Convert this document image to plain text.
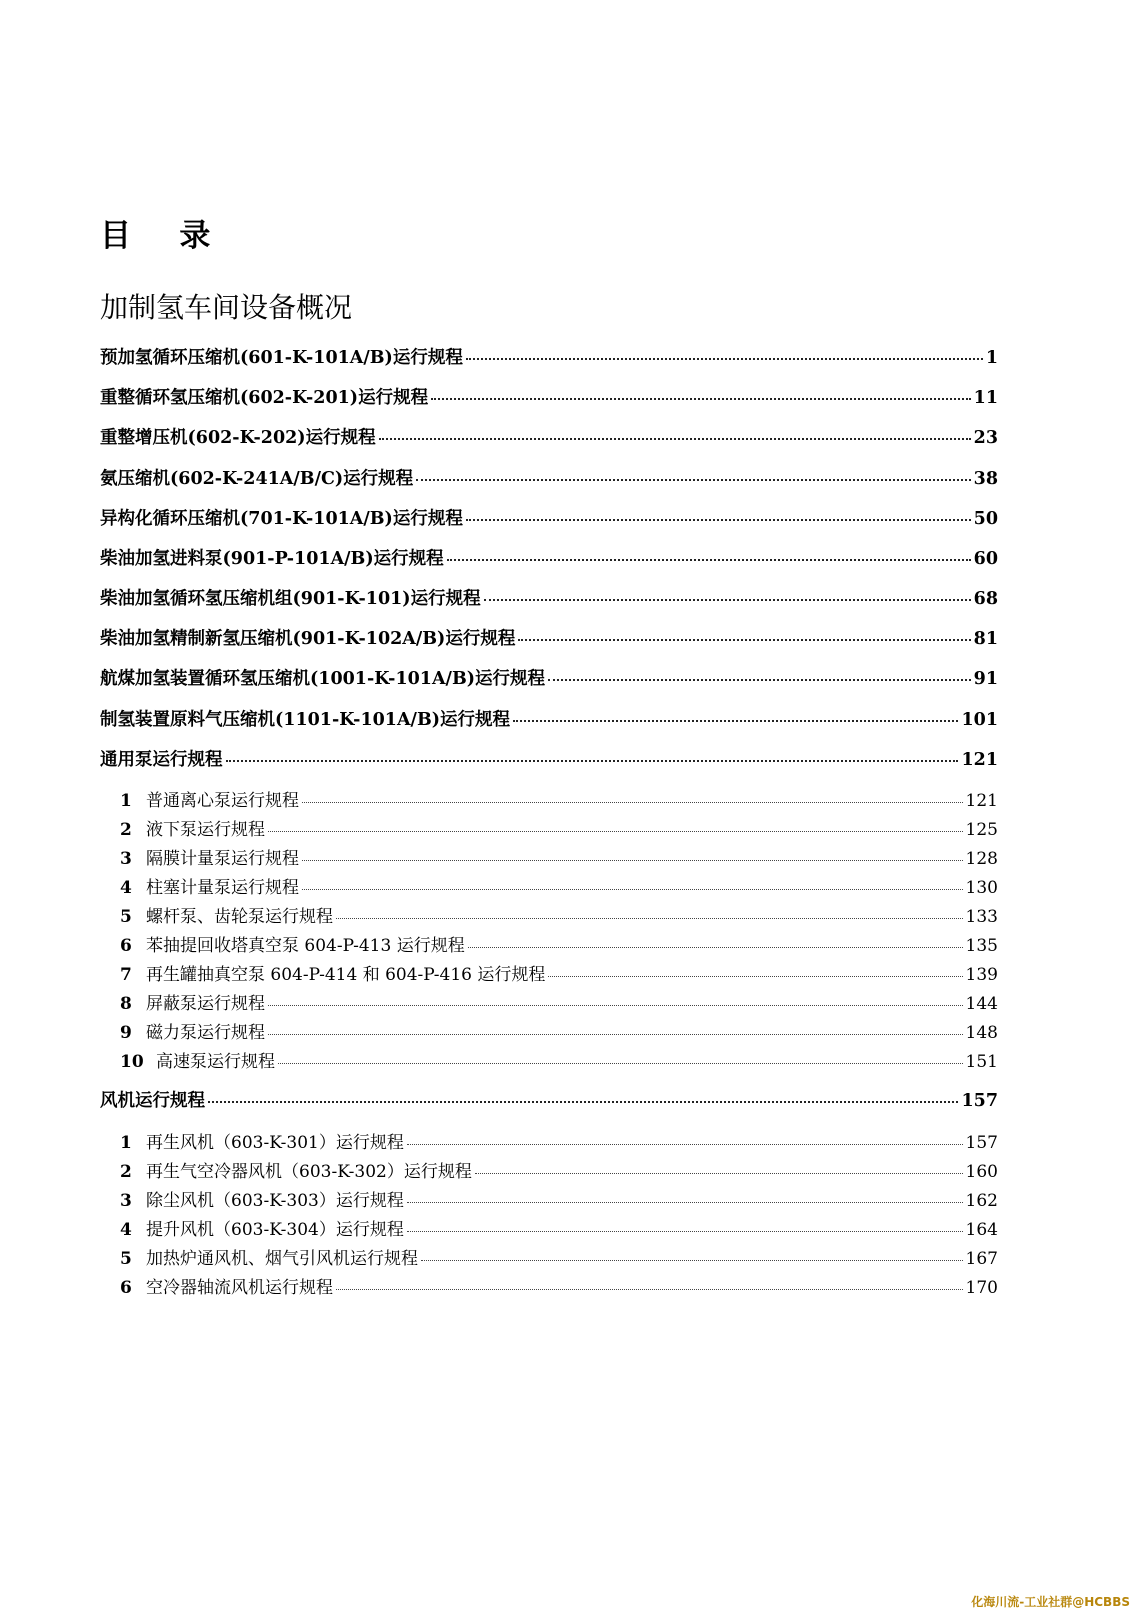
目   录
加制氢车间设备概况
预加氢循环压缩机(601-K-101A/B)运行规程	1
重整循环氢压缩机(602-K-201)运行规程	11
重整增压机(602-K-202)运行规程	23
氨压缩机(602-K-241A/B/C)运行规程	38
异构化循环压缩机(701-K-101A/B)运行规程	50
柴油加氢进料泵(901-P-101A/B)运行规程	60
柴油加氢循环氢压缩机组(901-K-101)运行规程	68
柴油加氢精制新氢压缩机(901-K-102A/B)运行规程	81
航煤加氢装置循环氢压缩机(1001-K-101A/B)运行规程	91
制氢装置原料气压缩机(1101-K-101A/B)运行规程	101
通用泵运行规程	121
1 普通离心泵运行规程	121
2 液下泵运行规程	125
3 隔膜计量泵运行规程	128
4 柱塞计量泵运行规程	130
5 螺杆泵、齿轮泵运行规程	133
6 苯抽提回收塔真空泵 604-P-413 运行规程	135
7 再生罐抽真空泵 604-P-414 和 604-P-416 运行规程	139
8 屏蔽泵运行规程	144
9 磁力泵运行规程	148
10 高速泵运行规程	151
风机运行规程	157
1 再生风机（603-K-301）运行规程	157
2 再生气空冷器风机（603-K-302）运行规程	160
3 除尘风机（603-K-303）运行规程	162
4 提升风机（603-K-304）运行规程	164
5 加热炉通风机、烟气引风机运行规程	167
6 空冷器轴流风机运行规程	170
化海川流-工业社群@HCBBS
